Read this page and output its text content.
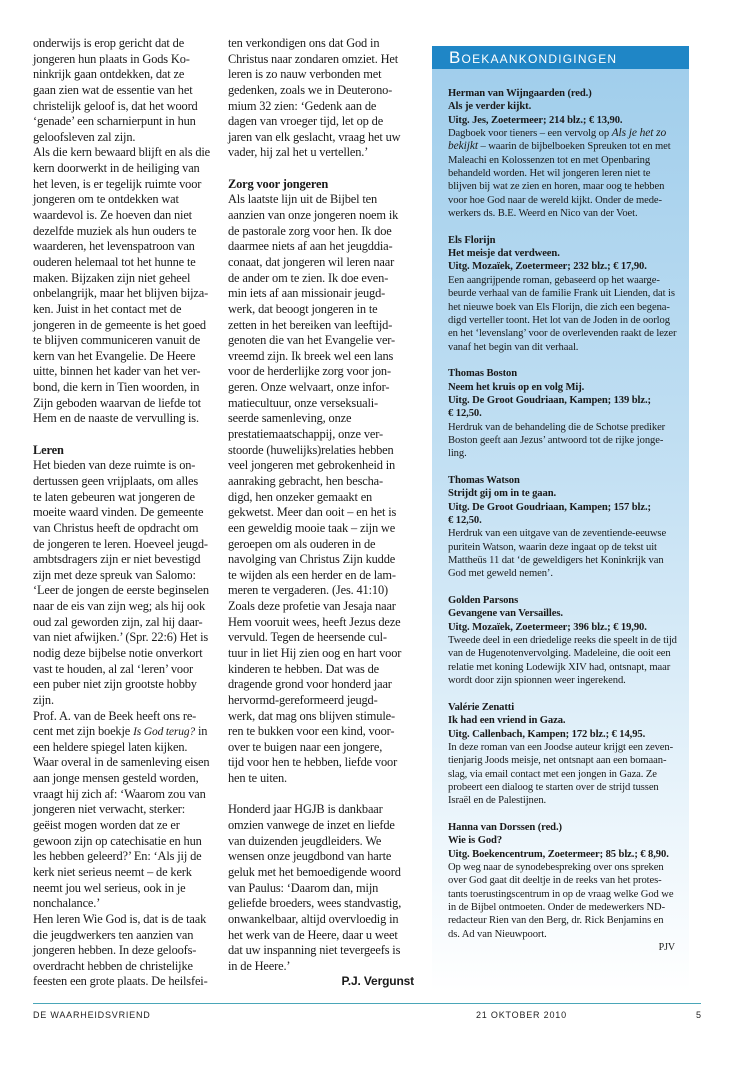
onderwijs is erop gericht dat de
jongeren hun plaats in Gods Ko-
ninkrijk gaan ontdekken, dat ze
gaan zien wat de essentie van het
christelijk geloof is, dat het woord
‘genade’ een scharnierpunt in hun
geloofsleven zal zijn.
Als die kern bewaard blijft en als die
kern doorwerkt in de heiliging van
het leven, is er tegelijk ruimte voor
jongeren om te ontdekken wat
waardevol is. Ze hoeven dan niet
dezelfde muziek als hun ouders te
waarderen, het levenspatroon van
ouderen helemaal tot het hunne te
maken. Bijzaken zijn niet geheel
onbelangrijk, maar het blijven bijza-
ken. Juist in het contact met de
jongeren in de gemeente is het goed
te blijven communiceren vanuit de
kern van het Evangelie. De Heere
uitte, binnen het kader van het ver-
bond, die kern in Tien woorden, in
Zijn geboden waarvan de liefde tot
Hem en de naaste de vervulling is.
Leren
Het bieden van deze ruimte is on-
dertussen geen vrijplaats, om alles
te laten gebeuren wat jongeren de
moeite waard vinden. De gemeente
van Christus heeft de opdracht om
de jongeren te leren. Hoeveel jeugd-
ambtsdragers zijn er niet bevestigd
zijn met deze spreuk van Salomo:
‘Leer de jongen de eerste beginselen
naar de eis van zijn weg; als hij ook
oud zal geworden zijn, zal hij daar-
van niet afwijken.’ (Spr. 22:6) Het is
nodig deze bijbelse notie onverkort
vast te houden, al zal ‘leren’ voor
een puber niet zijn grootste hobby
zijn.
Prof. A. van de Beek heeft ons re-
cent met zijn boekje Is God terug? in
een heldere spiegel laten kijken.
Waar overal in de samenleving eisen
aan jonge mensen gesteld worden,
vraagt hij zich af: ‘Waarom zou van
jongeren niet verwacht, sterker:
geëist mogen worden dat ze er
gewoon zijn op catechisatie en hun
les hebben geleerd?’ En: ‘Als jij de
kerk niet serieus neemt – de kerk
neemt jou wel serieus, ook in je
nonchalance.’
Hen leren Wie God is, dat is de taak
die jeugdwerkers ten aanzien van
jongeren hebben. In deze geloofs-
overdracht hebben de christelijke
feesten een grote plaats. De heilsfei-
ten verkondigen ons dat God in
Christus naar zondaren omziet. Het
leren is zo nauw verbonden met
gedenken, zoals we in Deuterono-
mium 32 zien: ‘Gedenk aan de
dagen van vroeger tijd, let op de
jaren van elk geslacht, vraag het uw
vader, hij zal het u vertellen.’
Zorg voor jongeren
Als laatste lijn uit de Bijbel ten
aanzien van onze jongeren noem ik
de pastorale zorg voor hen. Ik doe
daarmee niets af aan het jeugddia-
conaat, dat jongeren wil leren naar
de ander om te zien. Ik doe even-
min iets af aan missionair jeugd-
werk, dat beoogt jongeren in te
zetten in het bereiken van leeftijd-
genoten die van het Evangelie ver-
vreemd zijn. Ik breek wel een lans
voor de herderlijke zorg voor jon-
geren. Onze welvaart, onze infor-
matiecultuur, onze verseksuali-
seerde samenleving, onze
prestatiemaatschappij, onze ver-
stoorde (huwelijks)relaties hebben
veel jongeren met gebrokenheid in
aanraking gebracht, hen bescha-
digd, hen onzeker gemaakt en
gekwetst. Meer dan ooit – en het is
een geweldig mooie taak – zijn we
geroepen om als ouderen in de
navolging van Christus Zijn kudde
te wijden als een herder en de lam-
meren te vergaderen. (Jes. 41:10)
Zoals deze profetie van Jesaja naar
Hem vooruit wees, heeft Jezus deze
vervuld. Tegen de heersende cul-
tuur in liet Hij zien oog en hart voor
kinderen te hebben. Dat was de
dragende grond voor honderd jaar
hervormd-gereformeerd jeugd-
werk, dat mag ons blijven stimule-
ren te bukken voor een kind, voor-
over te buigen naar een jongere,
tijd voor hen te hebben, liefde voor
hen te uiten.
Honderd jaar HGJB is dankbaar
omzien vanwege de inzet en liefde
van duizenden jeugdleiders. We
wensen onze jeugdbond van harte
geluk met het bemoedigende woord
van Paulus: ‘Daarom dan, mijn
geliefde broeders, wees standvastig,
onwankelbaar, altijd overvloedig in
het werk van de Heere, daar u weet
dat uw inspanning niet tevergeefs is
in de Heere.’
P.J. Vergunst
Boekaankondigingen
Herman van Wijngaarden (red.)
Als je verder kijkt.
Uitg. Jes, Zoetermeer; 214 blz.; € 13,90.
Dagboek voor tieners – een vervolg op Als je het zo
bekijkt – waarin de bijbelboeken Spreuken tot en met
Maleachi en Kolossenzen tot en met Openbaring
behandeld worden. Het wil jongeren leren niet te
blijven bij wat ze zien en horen, maar oog te hebben
voor hoe God naar de wereld kijkt. Onder de mede-
werkers ds. B.E. Weerd en Nico van der Voet.
Els Florijn
Het meisje dat verdween.
Uitg. Mozaïek, Zoetermeer; 232 blz.; € 17,90.
Een aangrijpende roman, gebaseerd op het waarge-
beurde verhaal van de familie Frank uit Lienden, dat is
het nieuwe boek van Els Florijn, die zich een begena-
digd verteller toont. Het lot van de Joden in de oorlog
en het ‘levenslang’ voor de overlevenden raakt de lezer
vanaf het begin van dit verhaal.
Thomas Boston
Neem het kruis op en volg Mij.
Uitg. De Groot Goudriaan, Kampen; 139 blz.;
€ 12,50.
Herdruk van de behandeling die de Schotse prediker
Boston geeft aan Jezus’ antwoord tot de rijke jonge-
ling.
Thomas Watson
Strijdt gij om in te gaan.
Uitg. De Groot Goudriaan, Kampen; 157 blz.;
€ 12,50.
Herdruk van een uitgave van de zeventiende-eeuwse
puritein Watson, waarin deze ingaat op de tekst uit
Mattheüs 11 dat ‘de geweldigers het Koninkrijk van
God met geweld nemen’.
Golden Parsons
Gevangene van Versailles.
Uitg. Mozaïek, Zoetermeer; 396 blz.; € 19,90.
Tweede deel in een driedelige reeks die speelt in de tijd
van de Hugenotenvervolging. Madeleine, die ooit een
relatie met koning Lodewijk XIV had, ontsnapt, maar
wordt door zijn spionnen weer ingerekend.
Valérie Zenatti
Ik had een vriend in Gaza.
Uitg. Callenbach, Kampen; 172 blz.; € 14,95.
In deze roman van een Joodse auteur krijgt een zeven-
tienjarig Joods meisje, net ontsnapt aan een bomaan-
slag, via email contact met een jongen in Gaza. Ze
probeert een dialoog te starten over de strijd tussen
Israël en de Palestijnen.
Hanna van Dorssen (red.)
Wie is God?
Uitg. Boekencentrum, Zoetermeer; 85 blz.; € 8,90.
Op weg naar de synodebespreking over ons spreken
over God gaat dit deeltje in de reeks van het protes-
tants toerustingscentrum in op de vraag welke God we
in de Bijbel ontmoeten. Onder de medewerkers ND-
redacteur Rien van den Berg, dr. Rick Benjamins en
ds. Ad van Nieuwpoort.
PJV
DE WAARHEIDSVRIEND	21 OKTOBER 2010	5
